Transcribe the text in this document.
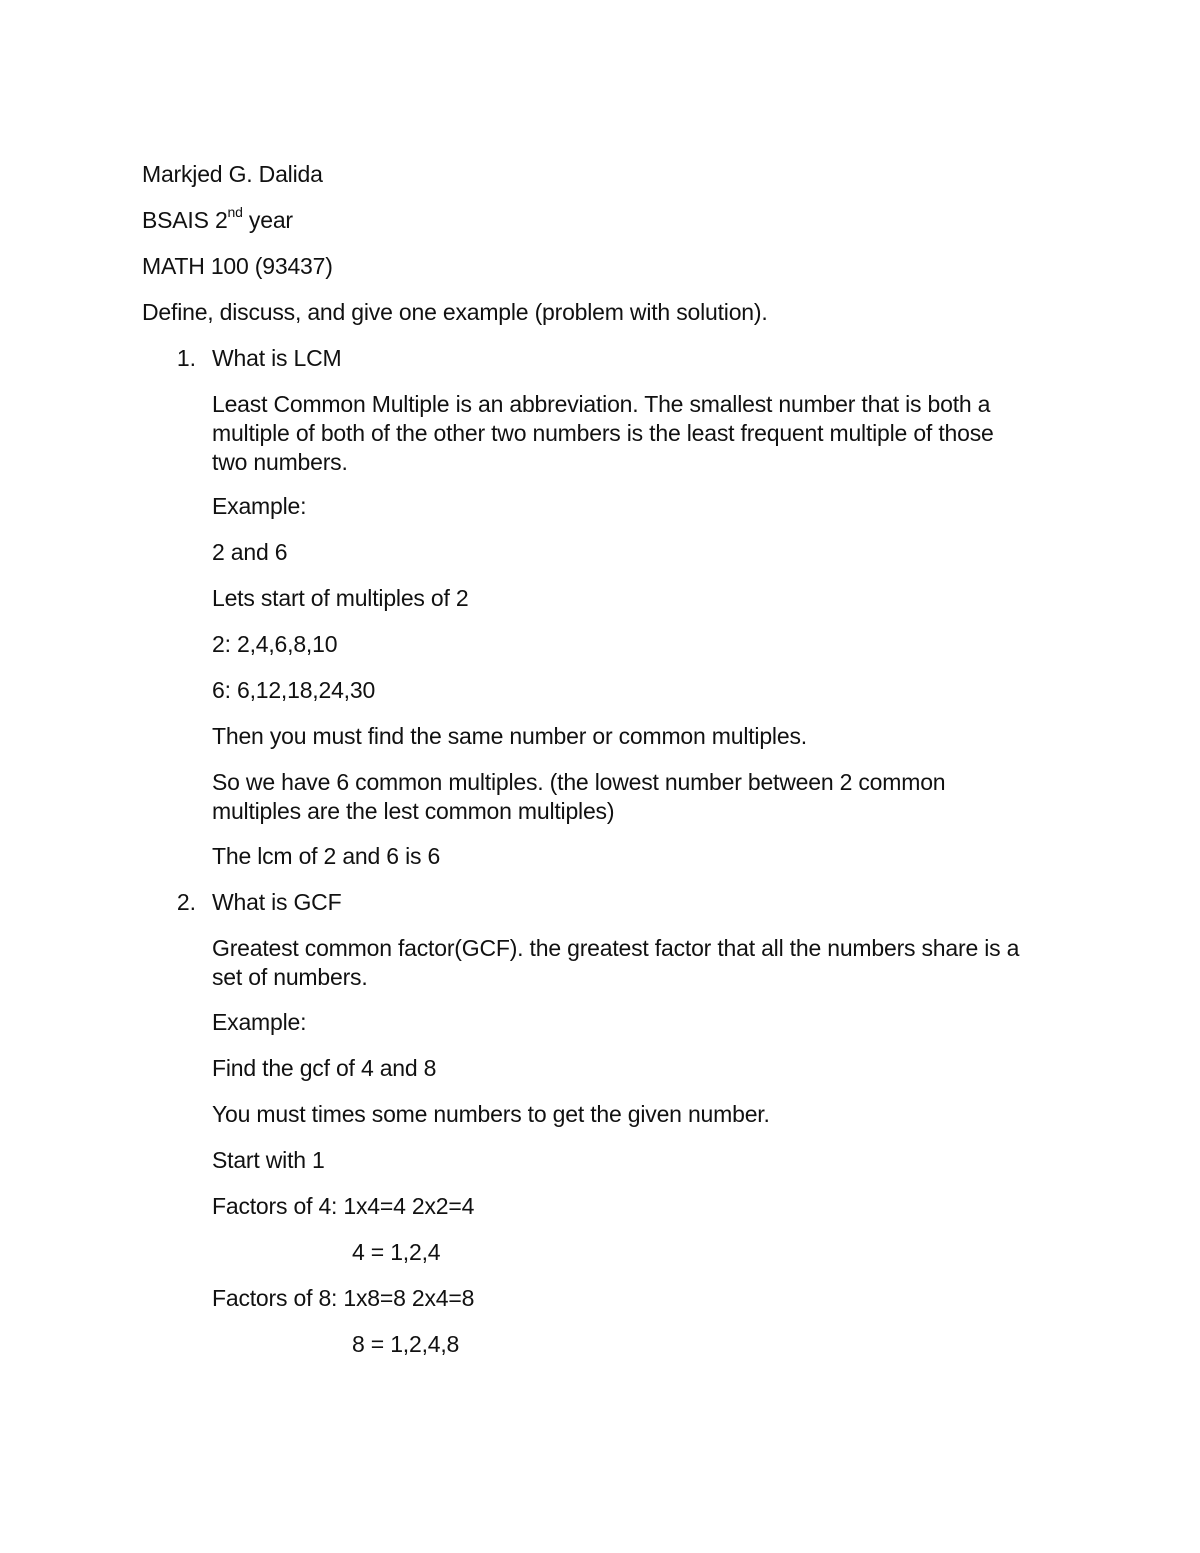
Markjed G. Dalida
BSAIS 2nd year
MATH 100 (93437)
Define, discuss, and give one example (problem with solution).
1. What is LCM
Least Common Multiple is an abbreviation. The smallest number that is both a
multiple of both of the other two numbers is the least frequent multiple of those
two numbers.
Example:
2 and 6
Lets start of multiples of 2
2: 2,4,6,8,10
6: 6,12,18,24,30
Then you must find the same number or common multiples.
So we have 6 common multiples. (the lowest number between 2 common
multiples are the lest common multiples)
The lcm of 2 and 6 is 6
2. What is GCF
Greatest common factor(GCF). the greatest factor that all the numbers share is a
set of numbers.
Example:
Find the gcf of 4 and 8
You must times some numbers to get the given number.
Start with 1
Factors of 4: 1x4=4 2x2=4
4 = 1,2,4
Factors of 8: 1x8=8 2x4=8
8 = 1,2,4,8
